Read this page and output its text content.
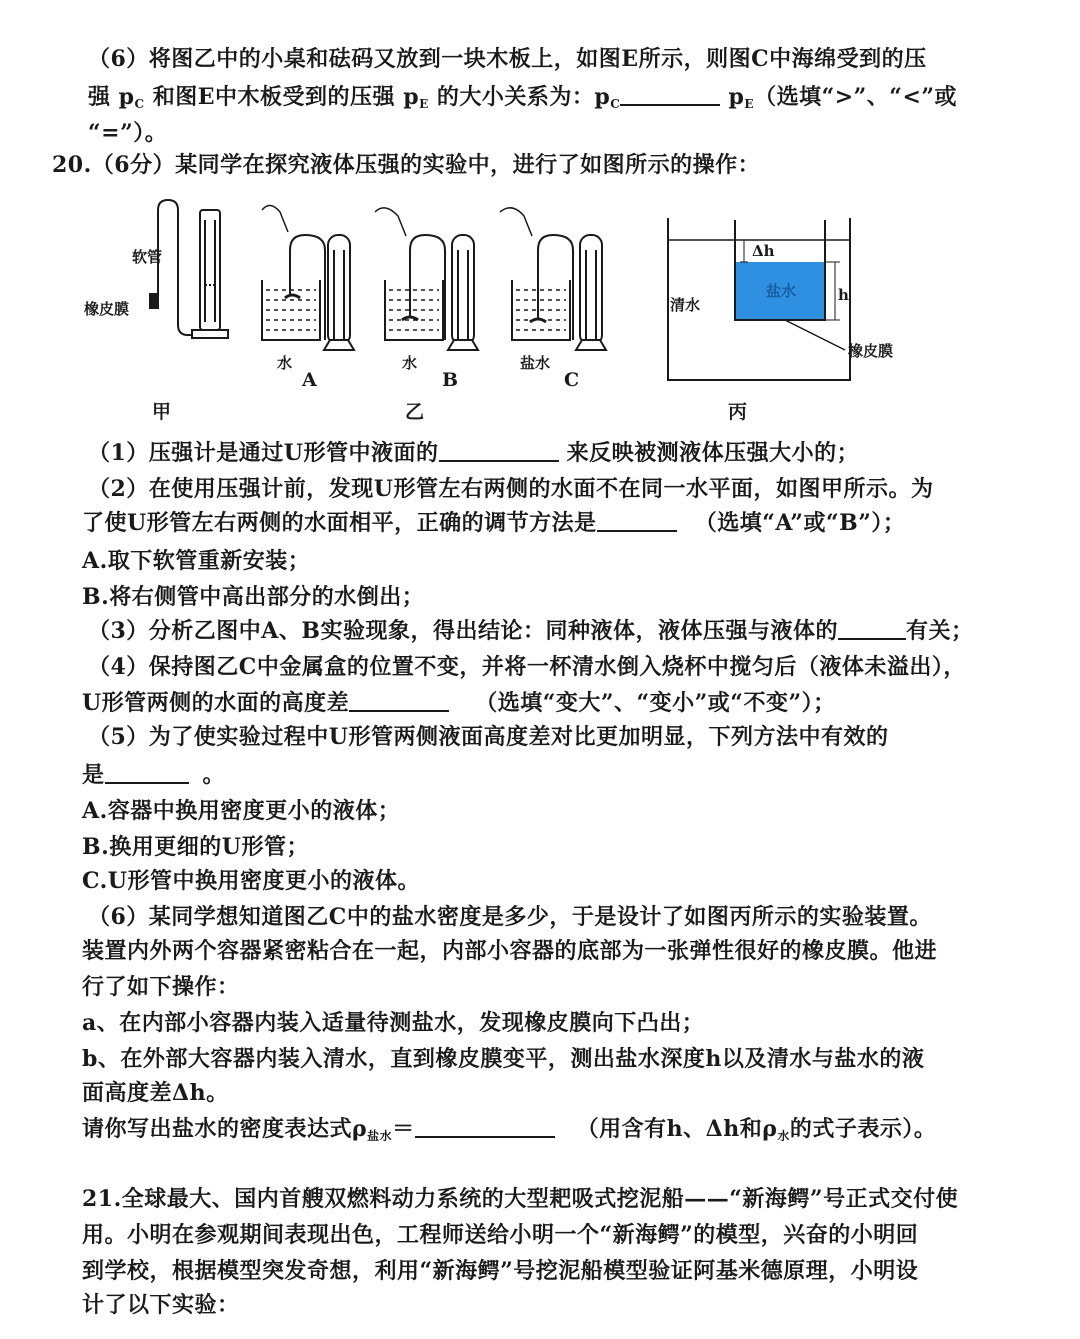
（6）将图乙中的小桌和砝码又放到一块木板上，如图E所示，则图C中海绵受到的压
强 $p_C$ 和图E中木板受到的压强 $p_E$ 的大小关系为：$p_C$	$p_E$（选填“>”、“<”或
“=”）。
20.（6分）某同学在探究液体压强的实验中，进行了如图所示的操作：
软管
橡皮膜
水
A
水
B
盐水
C
Δh
h
清水
盐水
橡皮膜
甲	乙	丙
（1）压强计是通过U形管中液面的	来反映被测液体压强大小的；
（2）在使用压强计前，发现U形管左右两侧的水面不在同一水平面，如图甲所示。为
了使U形管左右两侧的水面相平，正确的调节方法是	（选填“A”或“B”）；
A.取下软管重新安装；
B.将右侧管中高出部分的水倒出；
（3）分析乙图中A、B实验现象，得出结论：同种液体，液体压强与液体的	有关；
（4）保持图乙C中金属盒的位置不变，并将一杯清水倒入烧杯中搅匀后（液体未溢出），
U形管两侧的水面的高度差	（选填“变大”、“变小”或“不变”）；
（5）为了使实验过程中U形管两侧液面高度差对比更加明显，下列方法中有效的
是	。
A.容器中换用密度更小的液体；
B.换用更细的U形管；
C.U形管中换用密度更小的液体。
（6）某同学想知道图乙C中的盐水密度是多少，于是设计了如图丙所示的实验装置。
装置内外两个容器紧密粘合在一起，内部小容器的底部为一张弹性很好的橡皮膜。他进
行了如下操作：
a、在内部小容器内装入适量待测盐水，发现橡皮膜向下凸出；
b、在外部大容器内装入清水，直到橡皮膜变平，测出盐水深度h以及清水与盐水的液
面高度差Δh。
请你写出盐水的密度表达式$\rho_{盐水}=$	（用含有h、Δh和$\rho_水$的式子表示）。
21.全球最大、国内首艘双燃料动力系统的大型耙吸式挖泥船——“新海鳄”号正式交付使
用。小明在参观期间表现出色，工程师送给小明一个“新海鳄”的模型，兴奋的小明回
到学校，根据模型突发奇想，利用“新海鳄”号挖泥船模型验证阿基米德原理，小明设
计了以下实验：
